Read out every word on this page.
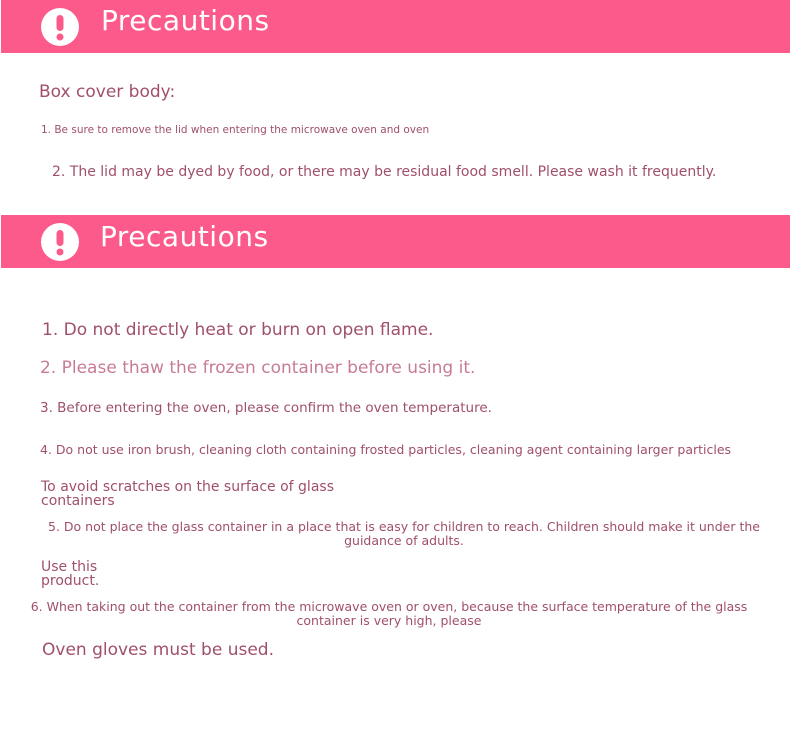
Precautions
Box cover body:
1. Be sure to remove the lid when entering the microwave oven and oven
2. The lid may be dyed by food, or there may be residual food smell. Please wash it frequently.
Precautions
1. Do not directly heat or burn on open flame.
2. Please thaw the frozen container before using it.
3. Before entering the oven, please confirm the oven temperature.
4. Do not use iron brush, cleaning cloth containing frosted particles, cleaning agent containing larger particles
To avoid scratches on the surface of glass
containers
5. Do not place the glass container in a place that is easy for children to reach. Children should make it under the guidance of adults.
Use this
product.
6. When taking out the container from the microwave oven or oven, because the surface temperature of the glass container is very high, please
Oven gloves must be used.
